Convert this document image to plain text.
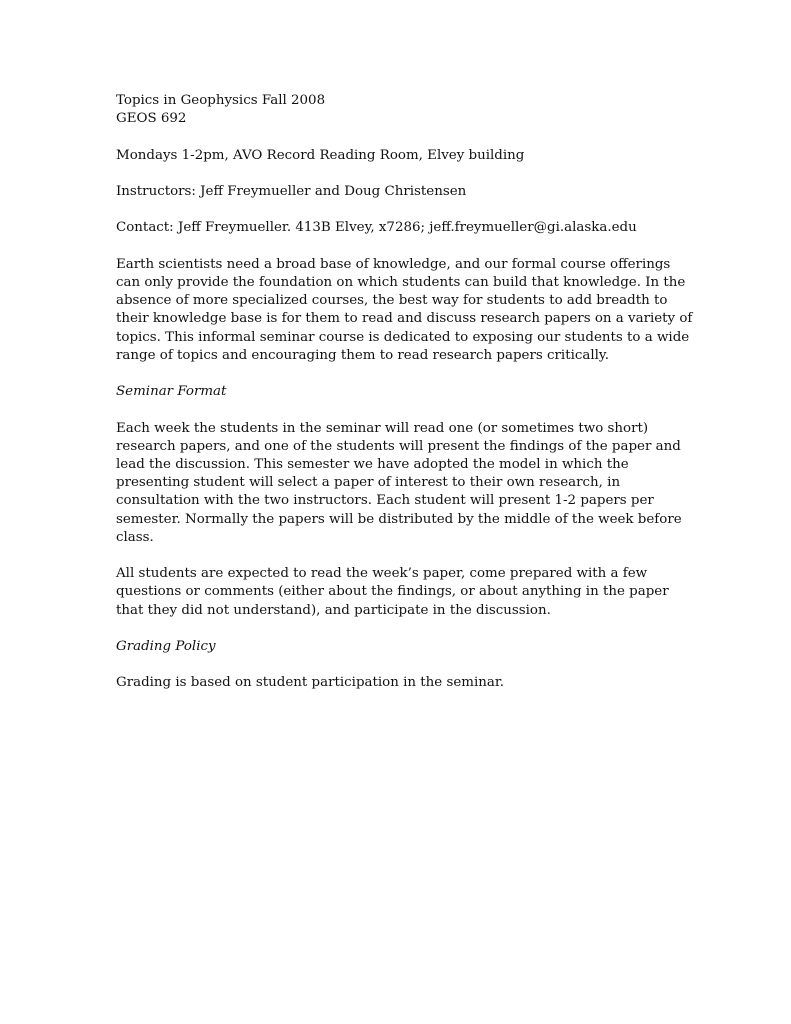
Topics in Geophysics Fall 2008
GEOS 692
Mondays 1-2pm, AVO Record Reading Room, Elvey building
Instructors: Jeff Freymueller and Doug Christensen
Contact: Jeff Freymueller. 413B Elvey, x7286; jeff.freymueller@gi.alaska.edu
Earth scientists need a broad base of knowledge, and our formal course offerings
can only provide the foundation on which students can build that knowledge. In the
absence of more specialized courses, the best way for students to add breadth to
their knowledge base is for them to read and discuss research papers on a variety of
topics. This informal seminar course is dedicated to exposing our students to a wide
range of topics and encouraging them to read research papers critically.
Seminar Format
Each week the students in the seminar will read one (or sometimes two short)
research papers, and one of the students will present the findings of the paper and
lead the discussion. This semester we have adopted the model in which the
presenting student will select a paper of interest to their own research, in
consultation with the two instructors. Each student will present 1-2 papers per
semester. Normally the papers will be distributed by the middle of the week before
class.
All students are expected to read the week’s paper, come prepared with a few
questions or comments (either about the findings, or about anything in the paper
that they did not understand), and participate in the discussion.
Grading Policy
Grading is based on student participation in the seminar.
